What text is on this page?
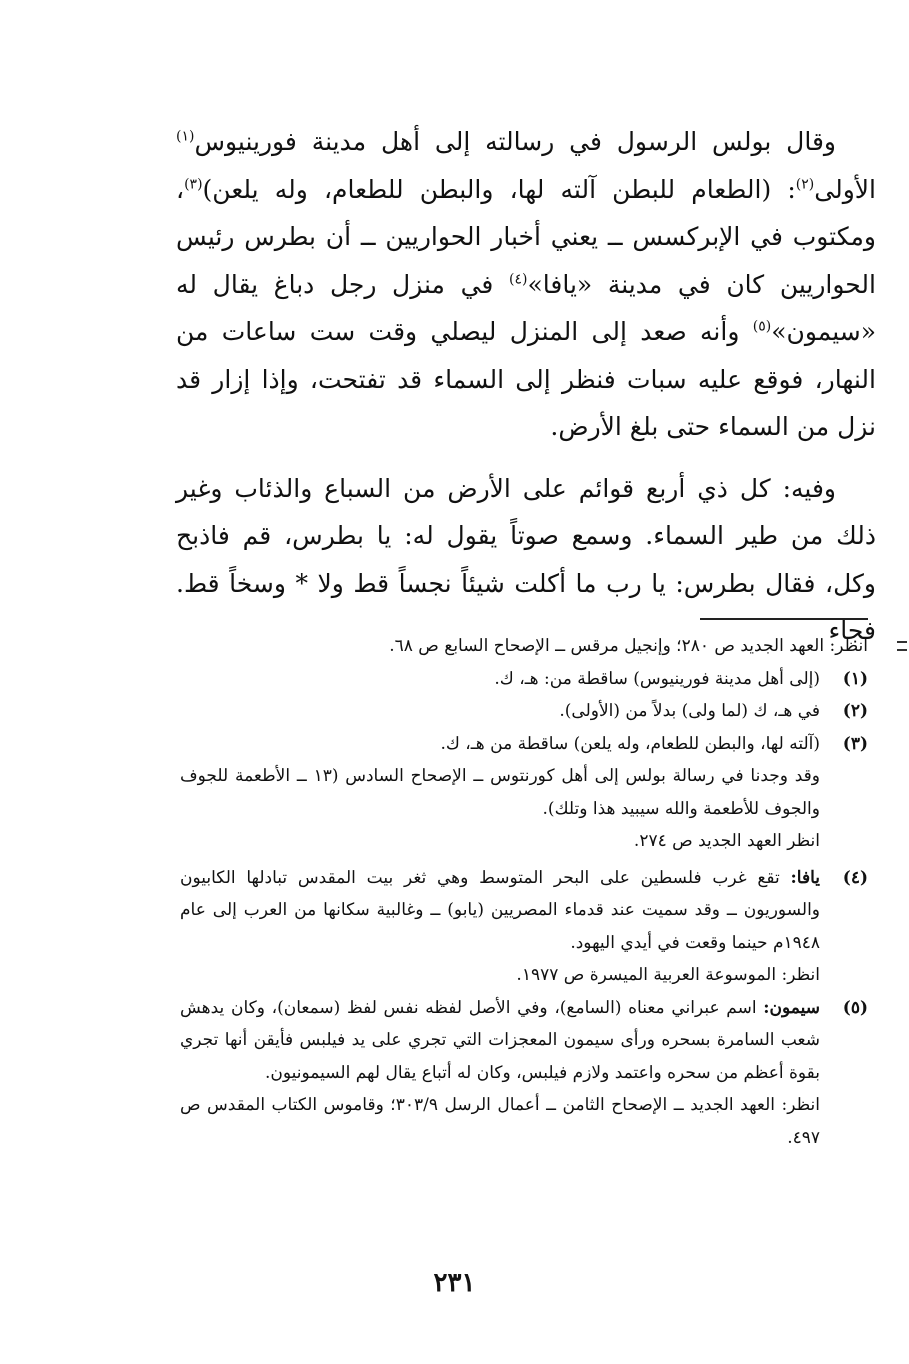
وقال بولس الرسول في رسالته إلى أهل مدينة فورينيوس$^{(١)}$ الأولى$^{(٢)}$: (الطعام للبطن آلته لها، والبطن للطعام، وله يلعن)$^{(٣)}$، ومكتوب في الإبركسس ــ يعني أخبار الحواريين ــ أن بطرس رئيس الحواريين كان في مدينة «يافا»$^{(٤)}$ في منزل رجل دباغ يقال له «سيمون»$^{(٥)}$ وأنه صعد إلى المنزل ليصلي وقت ست ساعات من النهار، فوقع عليه سبات فنظر إلى السماء قد تفتحت، وإذا إزار قد نزل من السماء حتى بلغ الأرض.

وفيه: كل ذي أربع قوائم على الأرض من السباع والذئاب وغير ذلك من طير السماء. وسمع صوتاً يقول له: يا بطرس، قم فاذبح وكل، فقال بطرس: يا رب ما أكلت شيئاً نجساً قط ولا * وسخاً قط. فجاء

انظر: العهد الجديد ص ٢٨٠؛ وإنجيل مرقس ــ الإصحاح السابع ص ٦٨.

(١)

(إلى أهل مدينة فورينيوس) ساقطة من: هـ، ك.

(٢)

في هـ، ك (لما ولى) بدلاً من (الأولى).

(٣)

(آلته لها، والبطن للطعام، وله يلعن) ساقطة من هـ، ك.

وقد وجدنا في رسالة بولس إلى أهل كورنتوس ــ الإصحاح السادس (١٣ ــ الأطعمة للجوف والجوف للأطعمة والله سيبيد هذا وتلك).

انظر العهد الجديد ص ٢٧٤.

(٤)

يافا: تقع غرب فلسطين على البحر المتوسط وهي ثغر بيت المقدس تبادلها الكابيون والسوريون ــ وقد سميت عند قدماء المصريين (يابو) ــ وغالبية سكانها من العرب إلى عام ١٩٤٨م حينما وقعت في أيدي اليهود.

انظر: الموسوعة العربية الميسرة ص ١٩٧٧.

(٥)

سيمون: اسم عبراني معناه (السامع)، وفي الأصل لفظه نفس لفظ (سمعان)، وكان يدهش شعب السامرة بسحره ورأى سيمون المعجزات التي تجري على يد فيلبس فأيقن أنها تجري بقوة أعظم من سحره واعتمد ولازم فيلبس، وكان له أتباع يقال لهم السيمونيون.

انظر: العهد الجديد ــ الإصحاح الثامن ــ أعمال الرسل ٣٠٣/٩؛ وقاموس الكتاب المقدس ص ٤٩٧.

٢٣١
